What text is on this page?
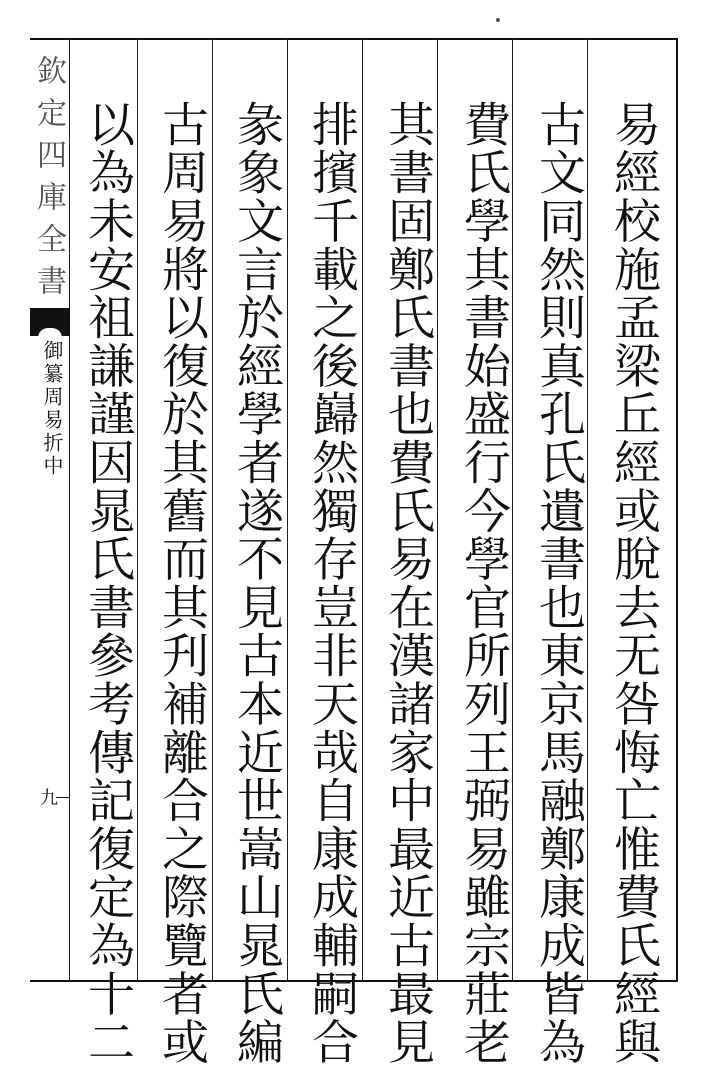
欽定四庫全書
御纂周易折中
九	易經校施孟梁丘經或脫去无咎悔亡惟費氏經與
古文同然則真孔氏遺書也東京馬融鄭康成皆為
費氏學其書始盛行今學官所列王弼易雖宗莊老
其書固鄭氏書也費氏易在漢諸家中最近古最見
排擯千載之後巋然獨存豈非天哉自康成輔嗣合
彖象文言於經學者遂不見古本近世嵩山晁氏編
古周易將以復於其舊而其刋補離合之際覽者或
以為未安祖謙謹因晁氏書參考傳記復定為十二
